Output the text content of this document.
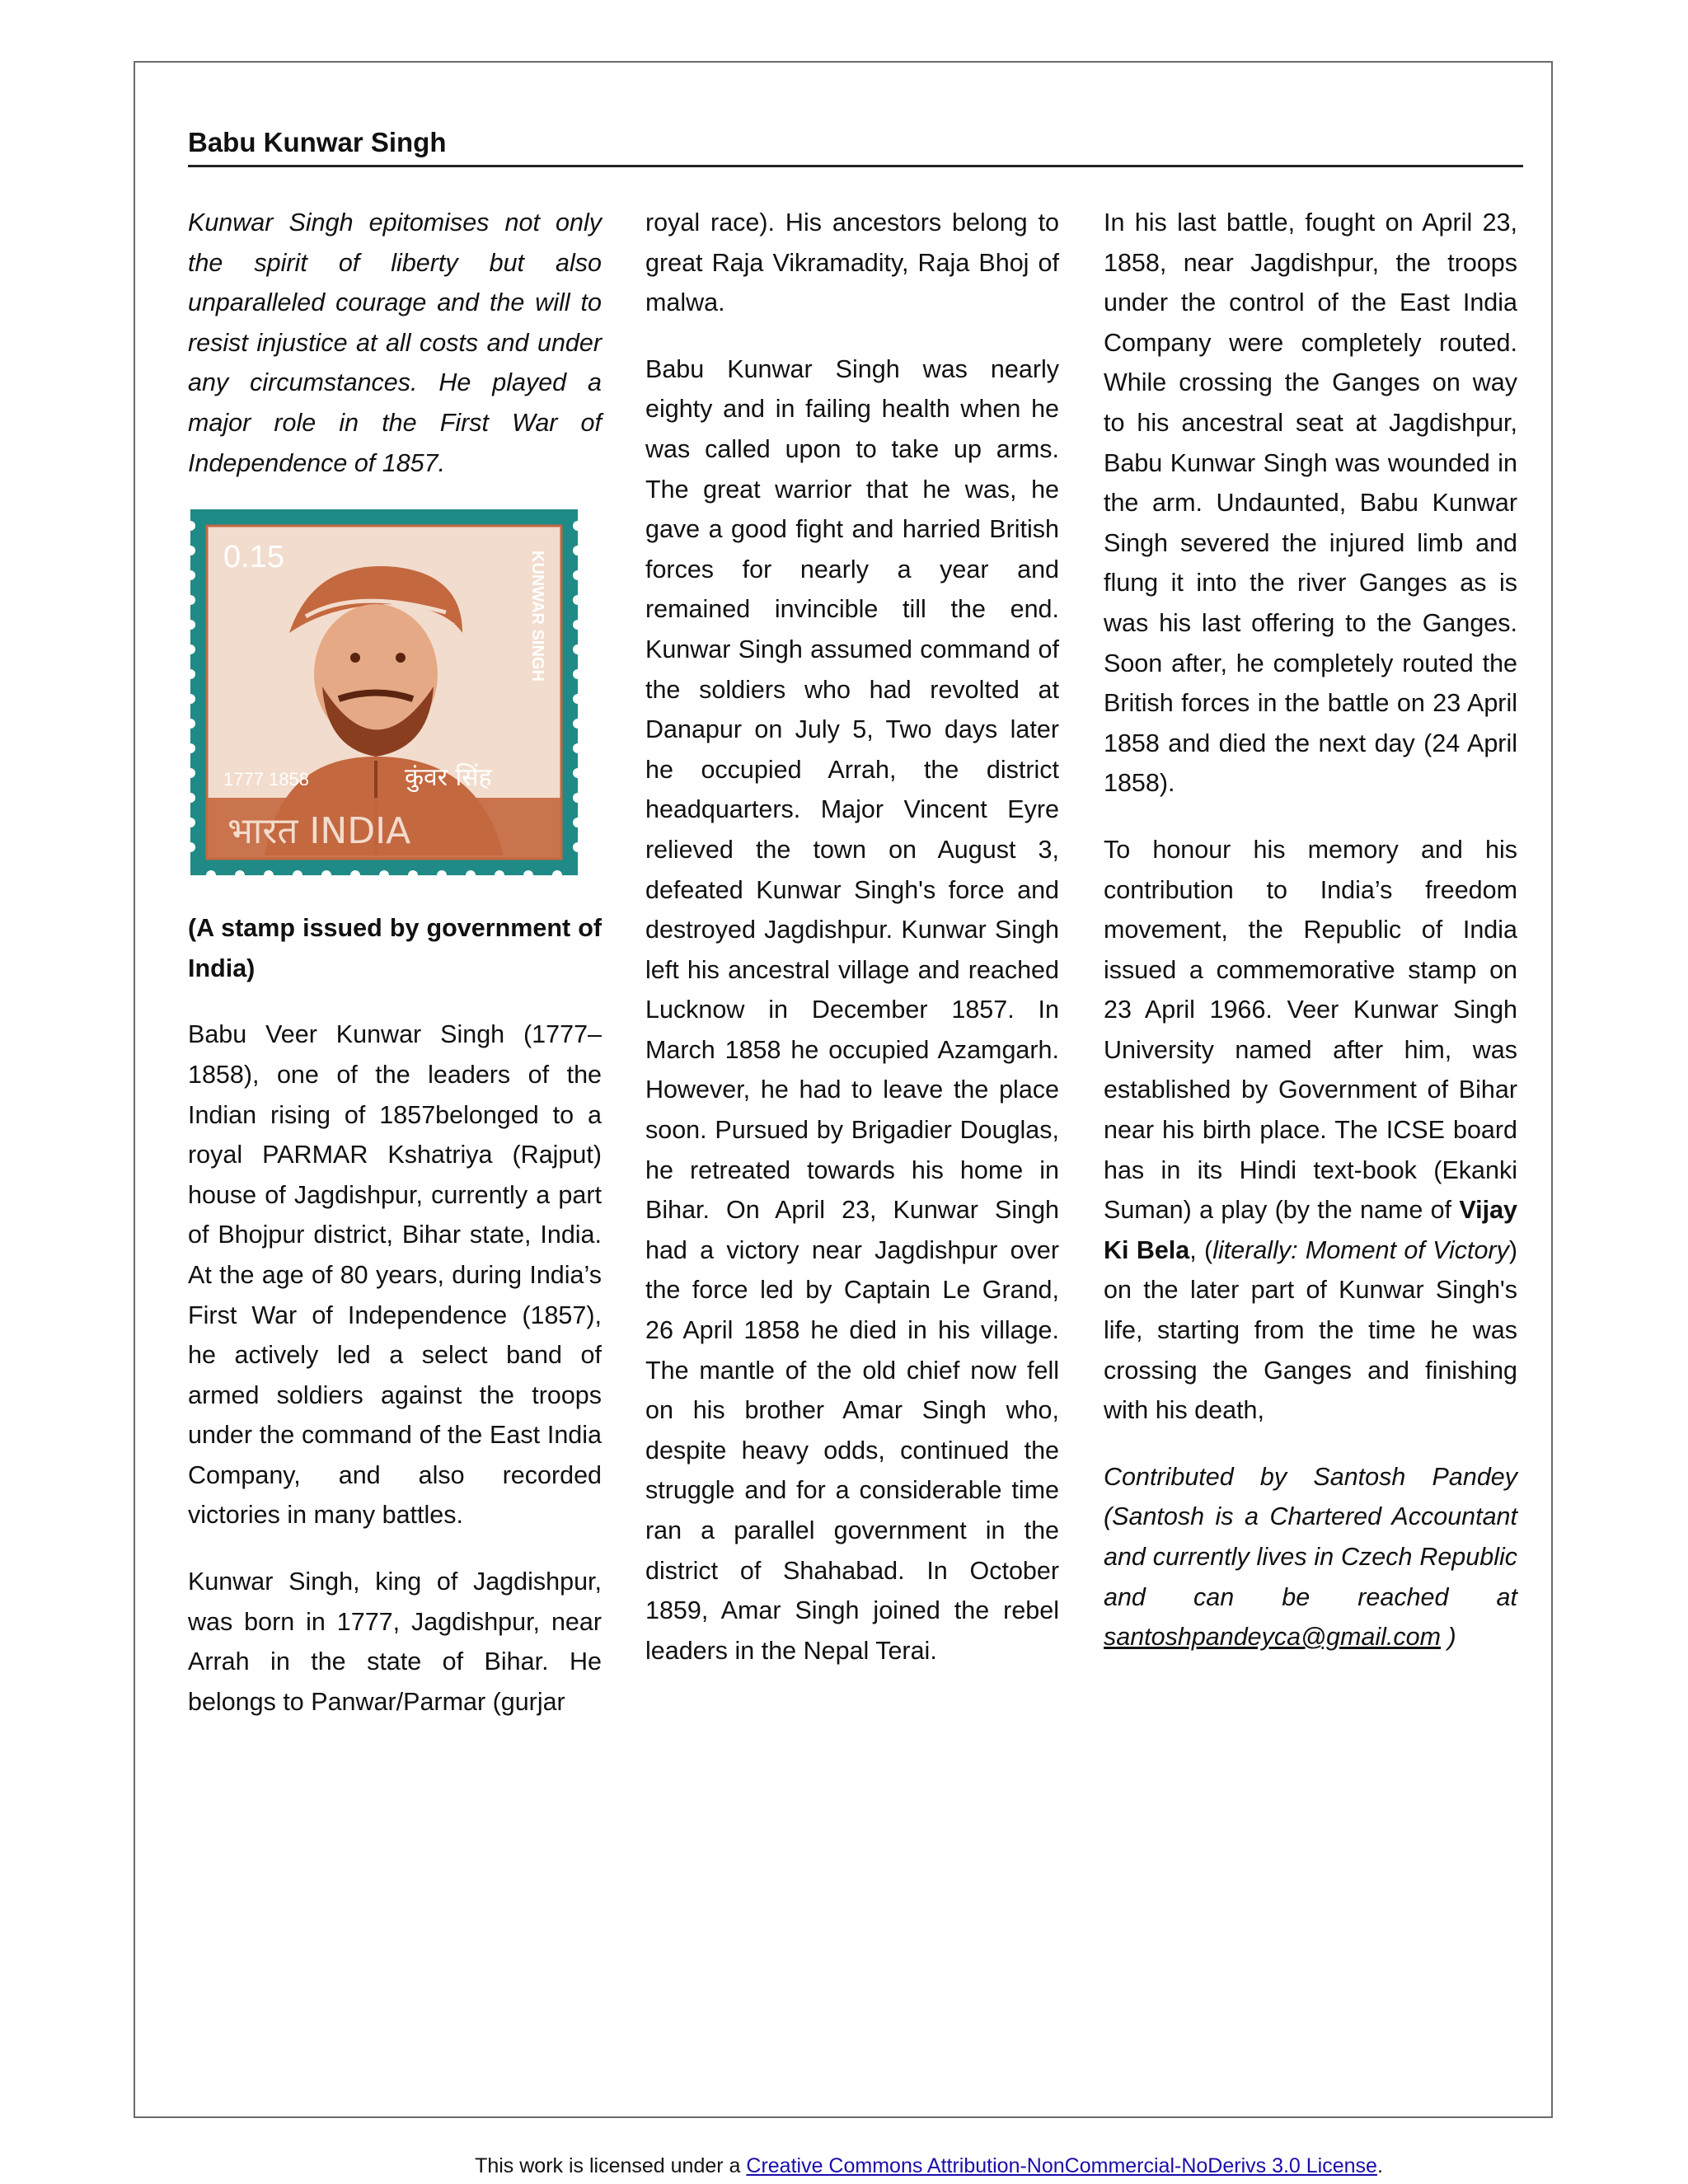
Babu Kunwar Singh

Kunwar Singh epitomises not only the spirit of liberty but also unparalleled courage and the will to resist injustice at all costs and under any circumstances. He played a major role in the First War of Independence of 1857.

0.15	KUNWAR SINGH
1777 1858	कुंवर सिंह
भारत INDIA

(A stamp issued by government of India)

Babu Veer Kunwar Singh (1777–1858), one of the leaders of the Indian rising of 1857belonged to a royal PARMAR Kshatriya (Rajput) house of Jagdishpur, currently a part of Bhojpur district, Bihar state, India. At the age of 80 years, during India’s First War of Independence (1857), he actively led a select band of armed soldiers against the troops under the command of the East India Company, and also recorded victories in many battles.

Kunwar Singh, king of Jagdishpur, was born in 1777, Jagdishpur, near Arrah in the state of Bihar. He belongs to Panwar/Parmar (gurjar

royal race). His ancestors belong to great Raja Vikramadity, Raja Bhoj of malwa.

Babu Kunwar Singh was nearly eighty and in failing health when he was called upon to take up arms. The great warrior that he was, he gave a good fight and harried British forces for nearly a year and remained invincible till the end. Kunwar Singh assumed command of the soldiers who had revolted at Danapur on July 5, Two days later he occupied Arrah, the district headquarters. Major Vincent Eyre relieved the town on August 3, defeated Kunwar Singh's force and destroyed Jagdishpur. Kunwar Singh left his ancestral village and reached Lucknow in December 1857. In March 1858 he occupied Azamgarh. However, he had to leave the place soon. Pursued by Brigadier Douglas, he retreated towards his home in Bihar. On April 23, Kunwar Singh had a victory near Jagdishpur over the force led by Captain Le Grand, 26 April 1858 he died in his village. The mantle of the old chief now fell on his brother Amar Singh who, despite heavy odds, continued the struggle and for a considerable time ran a parallel government in the district of Shahabad. In October 1859, Amar Singh joined the rebel leaders in the Nepal Terai.

In his last battle, fought on April 23, 1858, near Jagdishpur, the troops under the control of the East India Company were completely routed. While crossing the Ganges on way to his ancestral seat at Jagdishpur, Babu Kunwar Singh was wounded in the arm. Undaunted, Babu Kunwar Singh severed the injured limb and flung it into the river Ganges as is was his last offering to the Ganges. Soon after, he completely routed the British forces in the battle on 23 April 1858 and died the next day (24 April 1858).

To honour his memory and his contribution to India’s freedom movement, the Republic of India issued a commemorative stamp on 23 April 1966. Veer Kunwar Singh University named after him, was established by Government of Bihar near his birth place. The ICSE board has in its Hindi text-book (Ekanki Suman) a play (by the name of Vijay Ki Bela, (literally: Moment of Victory) on the later part of Kunwar Singh's life, starting from the time he was crossing the Ganges and finishing with his death,

Contributed by Santosh Pandey (Santosh is a Chartered Accountant and currently lives in Czech Republic and can be reached at santoshpandeyca@gmail.com )

This work is licensed under a Creative Commons Attribution-NonCommercial-NoDerivs 3.0 License.
